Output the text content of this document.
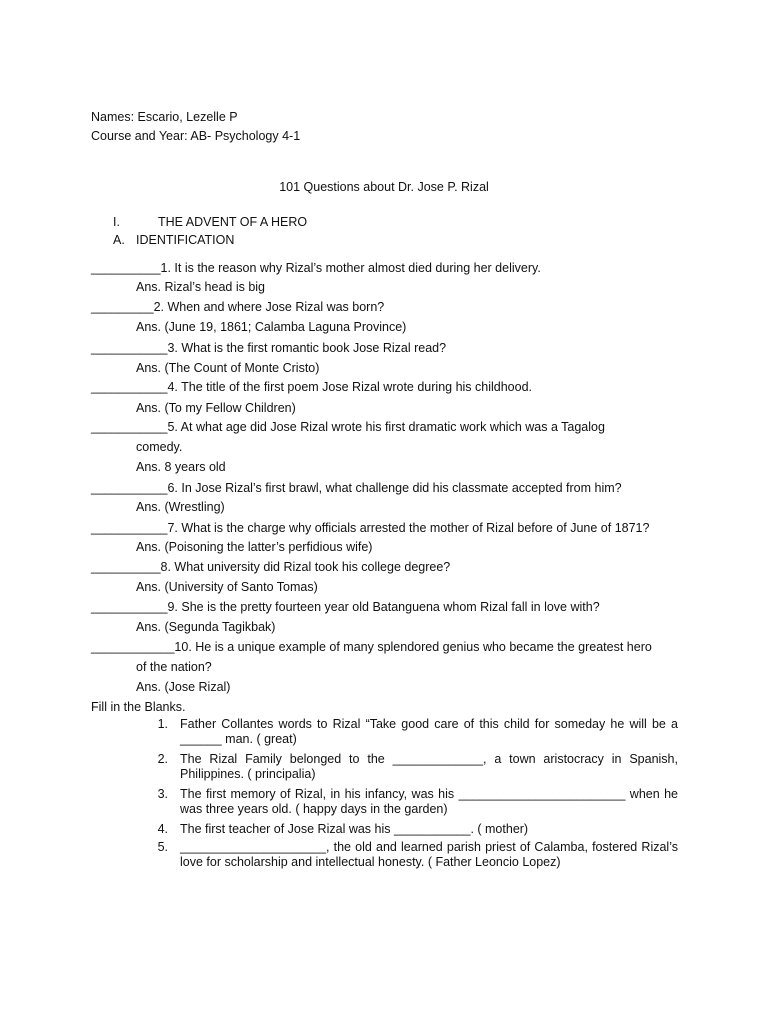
Names: Escario, Lezelle P
Course and Year: AB- Psychology 4-1
101 Questions about Dr. Jose P. Rizal
I.	THE ADVENT OF A HERO
A. IDENTIFICATION
__________1. It is the reason why Rizal’s mother almost died during her delivery.
Ans. Rizal’s head is big
_________2. When and where Jose Rizal was born?
Ans. (June 19, 1861; Calamba Laguna Province)
___________3. What is the first romantic book Jose Rizal read?
Ans. (The Count of Monte Cristo)
___________4. The title of the first poem Jose Rizal wrote during his childhood.
Ans. (To my Fellow Children)
___________5. At what age did Jose Rizal wrote his first dramatic work which was a Tagalog
comedy.
Ans. 8 years old
___________6. In Jose Rizal’s first brawl, what challenge did his classmate accepted from him?
Ans. (Wrestling)
___________7. What is the charge why officials arrested the mother of Rizal before of June of 1871?
Ans. (Poisoning the latter’s perfidious wife)
__________8. What university did Rizal took his college degree?
Ans. (University of Santo Tomas)
___________9. She is the pretty fourteen year old Batanguena whom Rizal fall in love with?
Ans. (Segunda Tagikbak)
____________10. He is a unique example of many splendored genius who became the greatest hero
of the nation?
Ans. (Jose Rizal)
Fill in the Blanks.
1. Father Collantes words to Rizal “Take good care of this child for someday he will be a ______ man. ( great)
2. The Rizal Family belonged to the _____________, a town aristocracy in Spanish, Philippines. ( principalia)
3. The first memory of Rizal, in his infancy, was his ________________________ when he was three years old. ( happy days in the garden)
4. The first teacher of Jose Rizal was his ___________. ( mother)
5. _____________________, the old and learned parish priest of Calamba, fostered Rizal’s love for scholarship and intellectual honesty. ( Father Leoncio Lopez)
